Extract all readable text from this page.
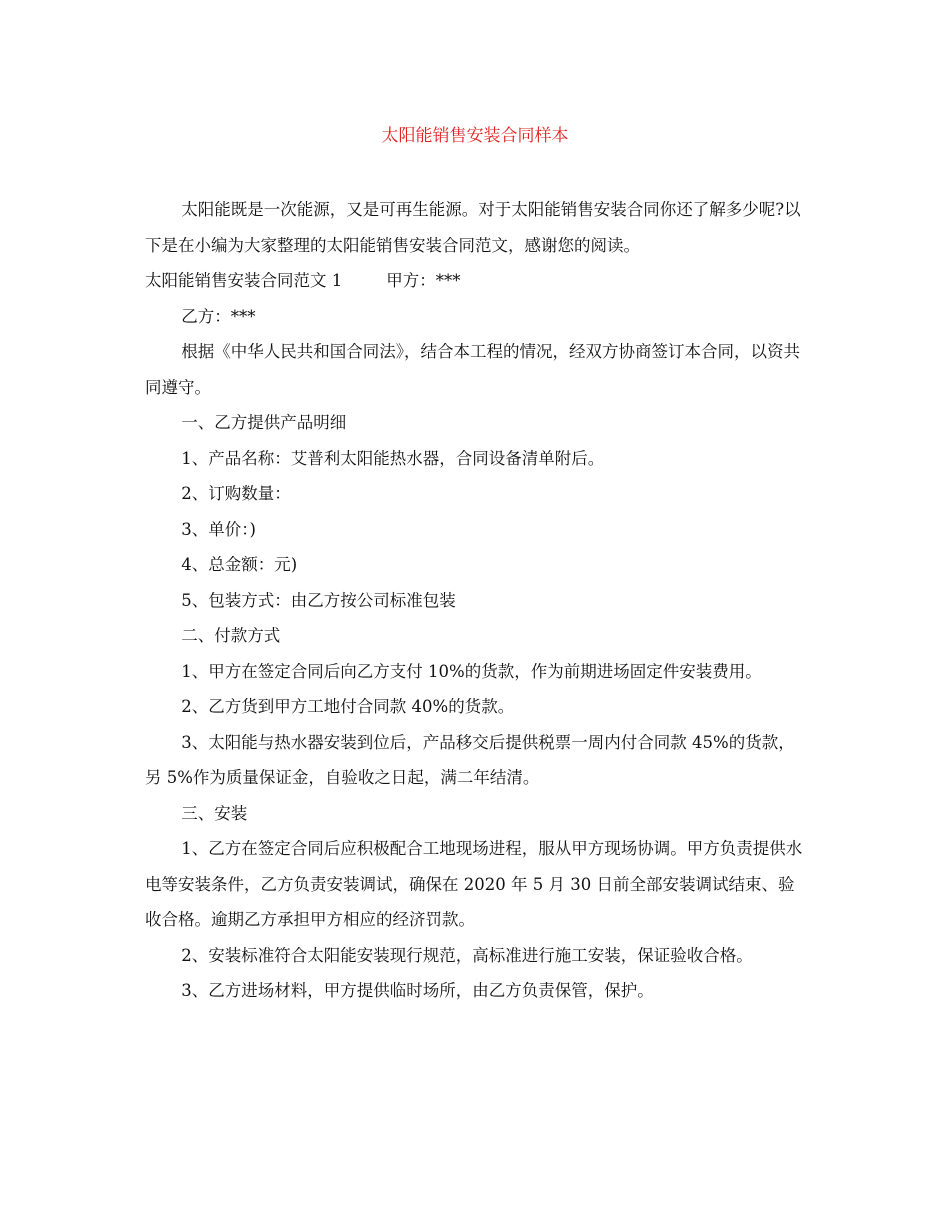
太阳能销售安装合同样本

太阳能既是一次能源，又是可再生能源。对于太阳能销售安装合同你还了解多少呢?以下是在小编为大家整理的太阳能销售安装合同范文，感谢您的阅读。

太阳能销售安装合同范文 1	甲方：***

乙方：***

根据《中华人民共和国合同法》，结合本工程的情况，经双方协商签订本合同，以资共同遵守。

一、乙方提供产品明细

1、产品名称：艾普利太阳能热水器，合同设备清单附后。

2、订购数量：

3、单价：)

4、总金额：元)

5、包装方式：由乙方按公司标准包装

二、付款方式

1、甲方在签定合同后向乙方支付 10%的货款，作为前期进场固定件安装费用。

2、乙方货到甲方工地付合同款 40%的货款。

3、太阳能与热水器安装到位后，产品移交后提供税票一周内付合同款 45%的货款，另 5%作为质量保证金，自验收之日起，满二年结清。

三、安装

1、乙方在签定合同后应积极配合工地现场进程，服从甲方现场协调。甲方负责提供水电等安装条件，乙方负责安装调试，确保在 2020 年 5 月 30 日前全部安装调试结束、验收合格。逾期乙方承担甲方相应的经济罚款。

2、安装标准符合太阳能安装现行规范，高标准进行施工安装，保证验收合格。

3、乙方进场材料，甲方提供临时场所，由乙方负责保管，保护。
